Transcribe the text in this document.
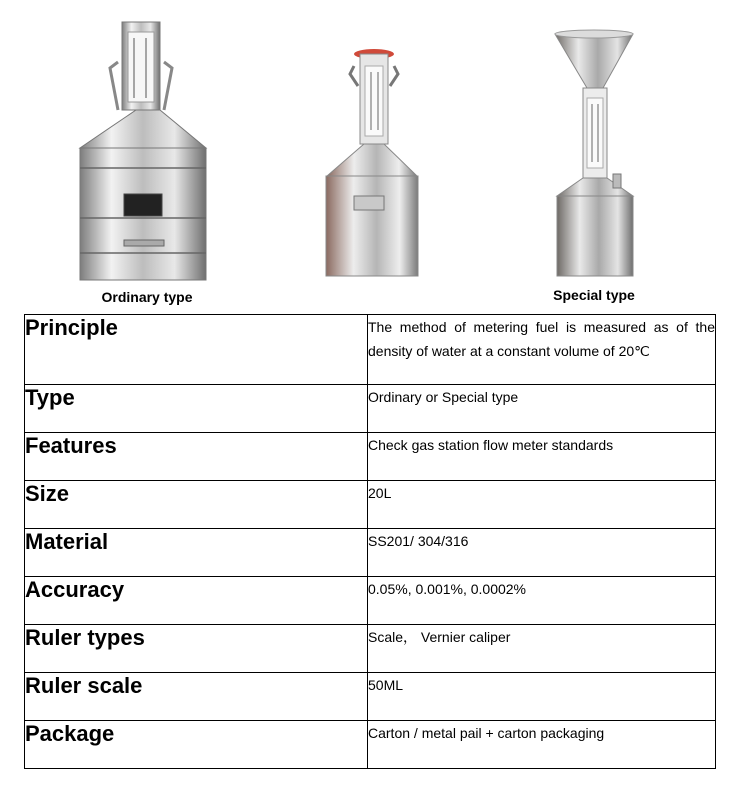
Ordinary type	Special type
Principle	The method of metering fuel is measured as of the density of water at a constant volume of 20℃
Type	Ordinary or Special type
Features	Check gas station flow meter standards
Size	20L
Material	SS201/ 304/316
Accuracy	0.05%, 0.001%, 0.0002%
Ruler types	Scale， Vernier caliper
Ruler scale	50ML
Package	Carton / metal pail + carton packaging
